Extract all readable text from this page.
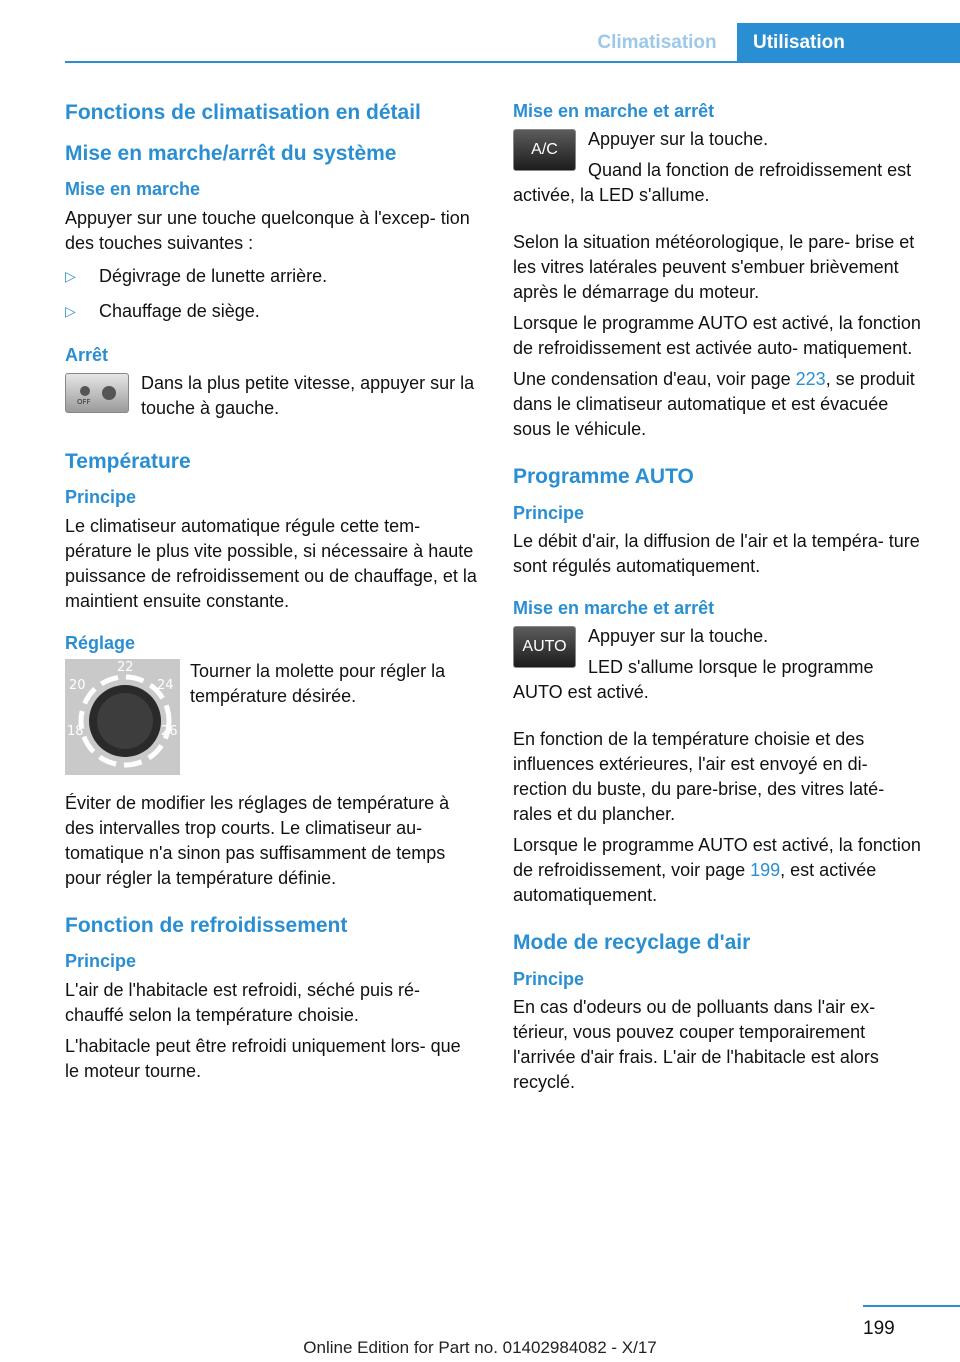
Climatisation	Utilisation
Fonctions de climatisation en détail
Mise en marche/arrêt du système
Mise en marche
Appuyer sur une touche quelconque à l'excep- tion des touches suivantes :
▷ Dégivrage de lunette arrière.
▷ Chauffage de siège.
Arrêt
OFF
Dans la plus petite vitesse, appuyer sur la touche à gauche.
Température
Principe
Le climatiseur automatique régule cette tem- pérature le plus vite possible, si nécessaire à haute puissance de refroidissement ou de chauffage, et la maintient ensuite constante.
Réglage
22
20	24
18	26
Tourner la molette pour régler la température désirée.
Éviter de modifier les réglages de température à des intervalles trop courts. Le climatiseur au- tomatique n'a sinon pas suffisamment de temps pour régler la température définie.
Fonction de refroidissement
Principe
L'air de l'habitacle est refroidi, séché puis ré- chauffé selon la température choisie.
L'habitacle peut être refroidi uniquement lors- que le moteur tourne.
Mise en marche et arrêt
A/C
Appuyer sur la touche.
Quand la fonction de refroidissement est activée, la LED s'allume.
Selon la situation météorologique, le pare- brise et les vitres latérales peuvent s'embuer brièvement après le démarrage du moteur.
Lorsque le programme AUTO est activé, la fonction de refroidissement est activée auto- matiquement.
Une condensation d'eau, voir page 223, se produit dans le climatiseur automatique et est évacuée sous le véhicule.
Programme AUTO
Principe
Le débit d'air, la diffusion de l'air et la tempéra- ture sont régulés automatiquement.
Mise en marche et arrêt
AUTO
Appuyer sur la touche.
LED s'allume lorsque le programme AUTO est activé.
En fonction de la température choisie et des influences extérieures, l'air est envoyé en di- rection du buste, du pare-brise, des vitres laté- rales et du plancher.
Lorsque le programme AUTO est activé, la fonction de refroidissement, voir page 199, est activée automatiquement.
Mode de recyclage d'air
Principe
En cas d'odeurs ou de polluants dans l'air ex- térieur, vous pouvez couper temporairement l'arrivée d'air frais. L'air de l'habitacle est alors recyclé.
199
Online Edition for Part no. 01402984082 - X/17
